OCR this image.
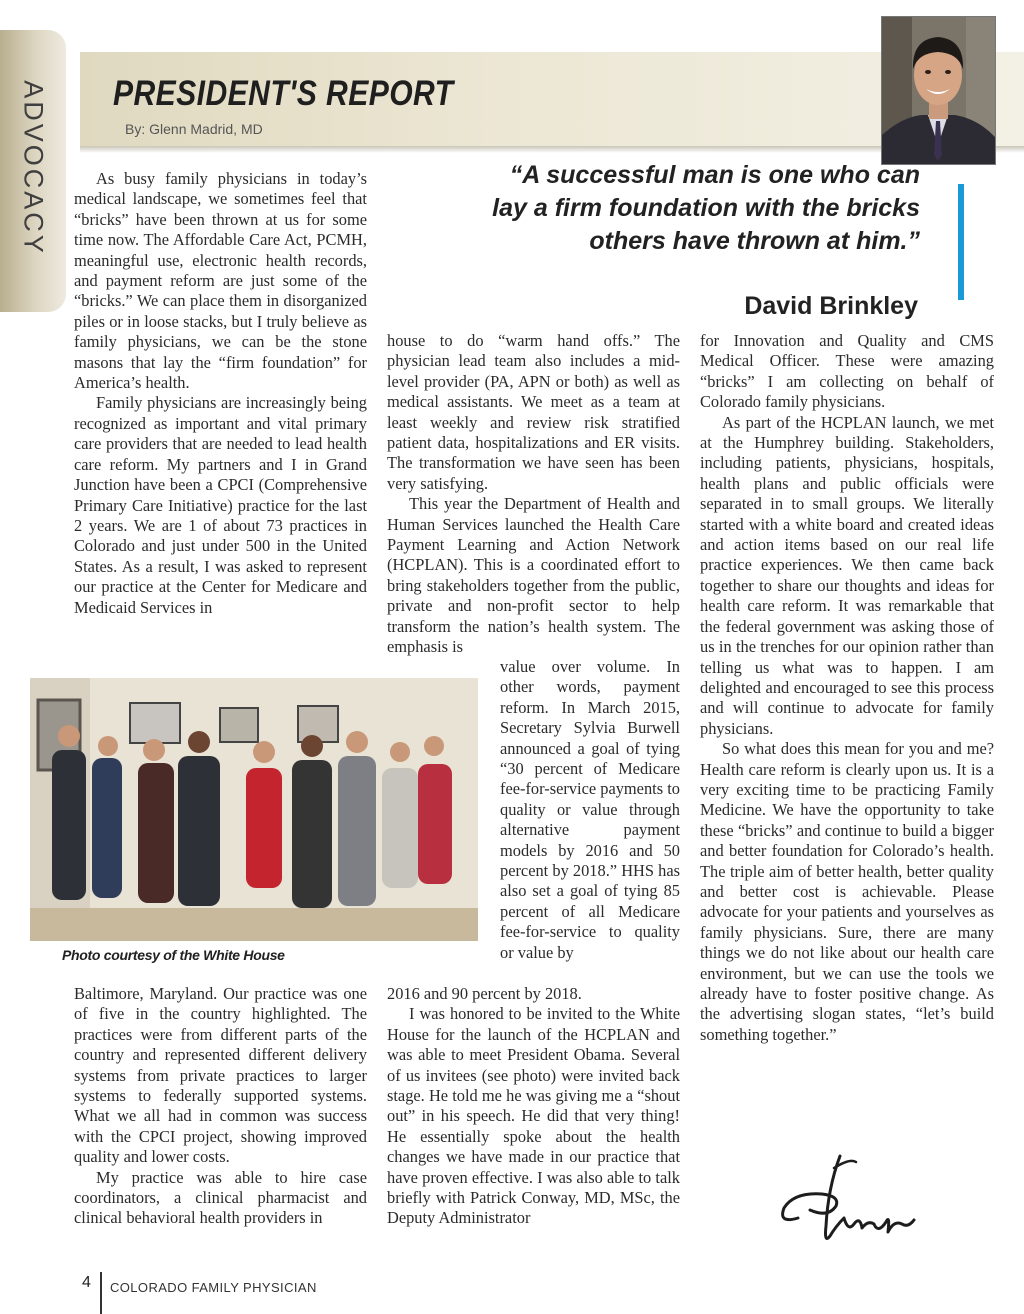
ADVOCACY PRESIDENT'S REPORT
By: Glenn Madrid, MD
“A successful man is one who can
lay a firm foundation with the bricks
others have thrown at him.”
David Brinkley

As busy family physicians in today’s medical landscape, we sometimes feel that “bricks” have been thrown at us for some time now. The Affordable Care Act, PCMH, meaningful use, electronic health records, and payment reform are just some of the “bricks.” We can place them in disorganized piles or in loose stacks, but I truly believe as family physicians, we can be the stone masons that lay the “firm foundation” for America’s health.

Family physicians are increasingly being recognized as important and vital primary care providers that are needed to lead health care reform. My partners and I in Grand Junction have been a CPCI (Comprehensive Primary Care Initiative) practice for the last 2 years. We are 1 of about 73 practices in Colorado and just under 500 in the United States. As a result, I was asked to represent our practice at the Center for Medicare and Medicaid Services in

Photo courtesy of the White House

Baltimore, Maryland. Our practice was one of five in the country highlighted. The practices were from different parts of the country and represented different delivery systems from private practices to larger systems to federally supported systems. What we all had in common was success with the CPCI project, showing improved quality and lower costs.

My practice was able to hire case coordinators, a clinical pharmacist and clinical behavioral health providers in

house to do “warm hand offs.” The physician lead team also includes a mid- level provider (PA, APN or both) as well as medical assistants. We meet as a team at least weekly and review risk stratified patient data, hospitalizations and ER visits. The transformation we have seen has been very satisfying.

This year the Department of Health and Human Services launched the Health Care Payment Learning and Action Network (HCPLAN). This is a coordinated effort to bring stakeholders together from the public, private and non-profit sector to help transform the nation’s health system. The emphasis is

value over volume. In other words, payment reform. In March 2015, Secretary Sylvia Burwell announced a goal of tying “30 percent of Medicare fee-for-service payments to quality or value through alternative payment models by 2016 and 50 percent by 2018.” HHS has also set a goal of tying 85 percent of all Medicare fee-for-service to quality or value by

2016 and 90 percent by 2018.

I was honored to be invited to the White House for the launch of the HCPLAN and was able to meet President Obama. Several of us invitees (see photo) were invited back stage. He told me he was giving me a “shout out” in his speech. He did that very thing! He essentially spoke about the health changes we have made in our practice that have proven effective. I was also able to talk briefly with Patrick Conway, MD, MSc, the Deputy Administrator

for Innovation and Quality and CMS Medical Officer. These were amazing “bricks” I am collecting on behalf of Colorado family physicians.

As part of the HCPLAN launch, we met at the Humphrey building. Stakeholders, including patients, physicians, hospitals, health plans and public officials were separated in to small groups. We literally started with a white board and created ideas and action items based on our real life practice experiences. We then came back together to share our thoughts and ideas for health care reform. It was remarkable that the federal government was asking those of us in the trenches for our opinion rather than telling us what was to happen. I am delighted and encouraged to see this process and will continue to advocate for family physicians.

So what does this mean for you and me? Health care reform is clearly upon us. It is a very exciting time to be practicing Family Medicine. We have the opportunity to take these “bricks” and continue to build a bigger and better foundation for Colorado’s health. The triple aim of better health, better quality and better cost is achievable. Please advocate for your patients and yourselves as family physicians. Sure, there are many things we do not like about our health care environment, but we can use the tools we already have to foster positive change. As the advertising slogan states, “let’s build something together.”

4 COLORADO FAMILY PHYSICIAN
